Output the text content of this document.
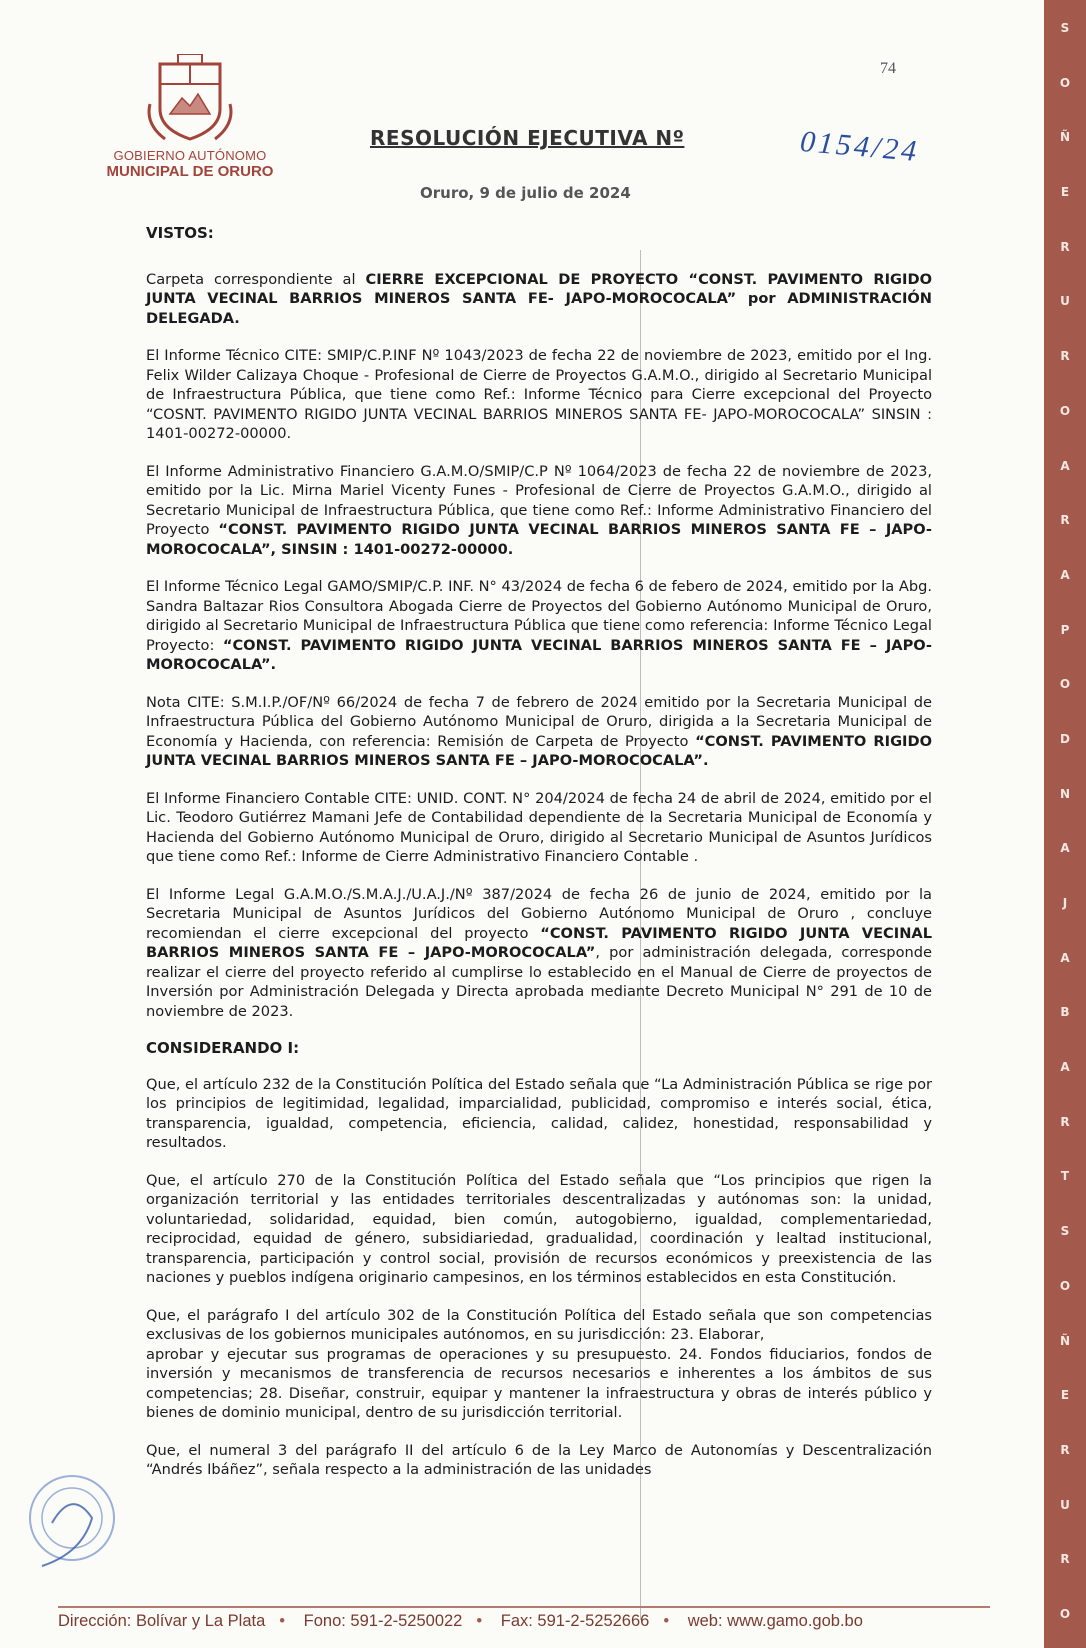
GOBIERNO AUTÓNOMO
MUNICIPAL DE ORURO
74
RESOLUCIÓN EJECUTIVA Nº	0154/24
Oruro, 9 de julio de 2024
VISTOS:

Carpeta correspondiente al CIERRE EXCEPCIONAL DE PROYECTO “CONST. PAVIMENTO RIGIDO JUNTA VECINAL BARRIOS MINEROS SANTA FE- JAPO-MOROCOCALA” por ADMINISTRACIÓN DELEGADA.

El Informe Técnico CITE: SMIP/C.P.INF Nº 1043/2023 de fecha 22 de noviembre de 2023, emitido por el Ing. Felix Wilder Calizaya Choque - Profesional de Cierre de Proyectos G.A.M.O., dirigido al Secretario Municipal de Infraestructura Pública, que tiene como Ref.: Informe Técnico para Cierre excepcional del Proyecto “COSNT. PAVIMENTO RIGIDO JUNTA VECINAL BARRIOS MINEROS SANTA FE- JAPO-MOROCOCALA” SINSIN : 1401-00272-00000.

El Informe Administrativo Financiero G.A.M.O/SMIP/C.P Nº 1064/2023 de fecha 22 de noviembre de 2023, emitido por la Lic. Mirna Mariel Vicenty Funes - Profesional de Cierre de Proyectos G.A.M.O., dirigido al Secretario Municipal de Infraestructura Pública, que tiene como Ref.: Informe Administrativo Financiero del Proyecto “CONST. PAVIMENTO RIGIDO JUNTA VECINAL BARRIOS MINEROS SANTA FE – JAPO-MOROCOCALA”, SINSIN : 1401-00272-00000.

El Informe Técnico Legal GAMO/SMIP/C.P. INF. N° 43/2024 de fecha 6 de febero de 2024, emitido por la Abg. Sandra Baltazar Rios Consultora Abogada Cierre de Proyectos del Gobierno Autónomo Municipal de Oruro, dirigido al Secretario Municipal de Infraestructura Pública que tiene como referencia: Informe Técnico Legal Proyecto: “CONST. PAVIMENTO RIGIDO JUNTA VECINAL BARRIOS MINEROS SANTA FE – JAPO-MOROCOCALA”.

Nota CITE: S.M.I.P./OF/Nº 66/2024 de fecha 7 de febrero de 2024 emitido por la Secretaria Municipal de Infraestructura Pública del Gobierno Autónomo Municipal de Oruro, dirigida a la Secretaria Municipal de Economía y Hacienda, con referencia: Remisión de Carpeta de Proyecto “CONST. PAVIMENTO RIGIDO JUNTA VECINAL BARRIOS MINEROS SANTA FE – JAPO-MOROCOCALA”.

El Informe Financiero Contable CITE: UNID. CONT. N° 204/2024 de fecha 24 de abril de 2024, emitido por el Lic. Teodoro Gutiérrez Mamani Jefe de Contabilidad dependiente de la Secretaria Municipal de Economía y Hacienda del Gobierno Autónomo Municipal de Oruro, dirigido al Secretario Municipal de Asuntos Jurídicos que tiene como Ref.: Informe de Cierre Administrativo Financiero Contable .

El Informe Legal G.A.M.O./S.M.A.J./U.A.J./Nº 387/2024 de fecha 26 de junio de 2024, emitido por la Secretaria Municipal de Asuntos Jurídicos del Gobierno Autónomo Municipal de Oruro , concluye recomiendan el cierre excepcional del proyecto “CONST. PAVIMENTO RIGIDO JUNTA VECINAL BARRIOS MINEROS SANTA FE – JAPO-MOROCOCALA”, por administración delegada, corresponde realizar el cierre del proyecto referido al cumplirse lo establecido en el Manual de Cierre de proyectos de Inversión por Administración Delegada y Directa aprobada mediante Decreto Municipal N° 291 de 10 de noviembre de 2023.

CONSIDERANDO I:

Que, el artículo 232 de la Constitución Política del Estado señala que “La Administración Pública se rige por los principios de legitimidad, legalidad, imparcialidad, publicidad, compromiso e interés social, ética, transparencia, igualdad, competencia, eficiencia, calidad, calidez, honestidad, responsabilidad y resultados.

Que, el artículo 270 de la Constitución Política del Estado señala que “Los principios que rigen la organización territorial y las entidades territoriales descentralizadas y autónomas son: la unidad, voluntariedad, solidaridad, equidad, bien común, autogobierno, igualdad, complementariedad, reciprocidad, equidad de género, subsidiariedad, gradualidad, coordinación y lealtad institucional, transparencia, participación y control social, provisión de recursos económicos y preexistencia de las naciones y pueblos indígena originario campesinos, en los términos establecidos en esta Constitución.

Que, el parágrafo I del artículo 302 de la Constitución Política del Estado señala que son competencias exclusivas de los gobiernos municipales autónomos, en su jurisdicción: 23. Elaborar,

aprobar y ejecutar sus programas de operaciones y su presupuesto. 24. Fondos fiduciarios, fondos de inversión y mecanismos de transferencia de recursos necesarios e inherentes a los ámbitos de sus competencias; 28. Diseñar, construir, equipar y mantener la infraestructura y obras de interés público y bienes de dominio municipal, dentro de su jurisdicción territorial.

Que, el numeral 3 del parágrafo II del artículo 6 de la Ley Marco de Autonomías y Descentralización “Andrés Ibáñez”, señala respecto a la administración de las unidades

S
O
Ñ
E
R
U
R
O
A
R
A
P
O
D
N
A
J
A
B
A
R
T
S
O
Ñ
E
R
U
R
O
Dirección: Bolívar y La Plata • Fono: 591-2-5250022 • Fax: 591-2-5252666 • web: www.gamo.gob.bo
